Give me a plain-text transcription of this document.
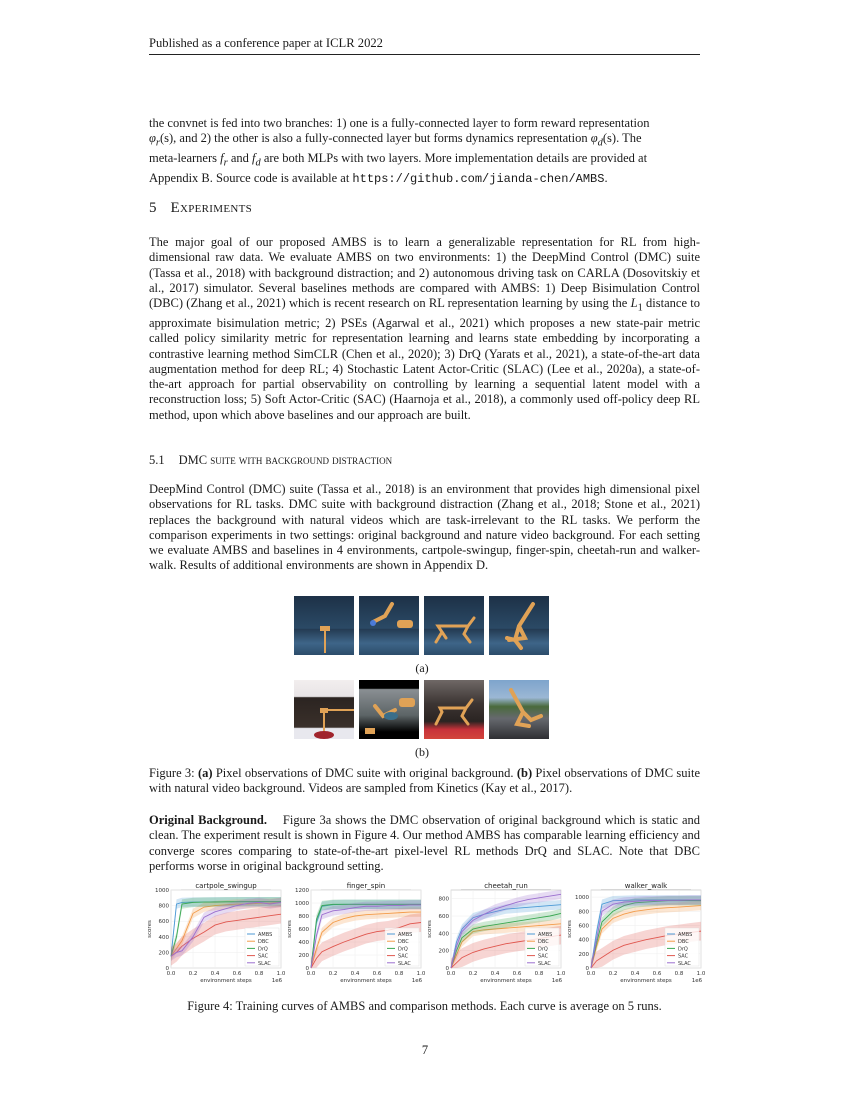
Published as a conference paper at ICLR 2022
the convnet is fed into two branches: 1) one is a fully-connected layer to form reward representation
$\varphi_r(s)$, and 2) the other is also a fully-connected layer but forms dynamics representation $\varphi_d(s)$. The
meta-learners $f_r$ and $f_d$ are both MLPs with two layers. More implementation details are provided at
Appendix B. Source code is available at https://github.com/jianda-chen/AMBS.
5 Experiments
The major goal of our proposed AMBS is to learn a generalizable representation for RL from high-dimensional raw data. We evaluate AMBS on two environments: 1) the DeepMind Control (DMC) suite (Tassa et al., 2018) with background distraction; and 2) autonomous driving task on CARLA (Dosovitskiy et al., 2017) simulator. Several baselines methods are compared with AMBS: 1) Deep Bisimulation Control (DBC) (Zhang et al., 2021) which is recent research on RL representation learning by using the $L_1$ distance to approximate bisimulation metric; 2) PSEs (Agarwal et al., 2021) which proposes a new state-pair metric called policy similarity metric for representation learning and learns state embedding by incorporating a contrastive learning method SimCLR (Chen et al., 2020); 3) DrQ (Yarats et al., 2021), a state-of-the-art data augmentation method for deep RL; 4) Stochastic Latent Actor-Critic (SLAC) (Lee et al., 2020a), a state-of-the-art approach for partial observability on controlling by learning a sequential latent model with a reconstruction loss; 5) Soft Actor-Critic (SAC) (Haarnoja et al., 2018), a commonly used off-policy deep RL method, upon which above baselines and our approach are built.
5.1 DMC suite with background distraction
DeepMind Control (DMC) suite (Tassa et al., 2018) is an environment that provides high dimensional pixel observations for RL tasks. DMC suite with background distraction (Zhang et al., 2018; Stone et al., 2021) replaces the background with natural videos which are task-irrelevant to the RL tasks. We perform the comparison experiments in two settings: original background and nature video background. For each setting we evaluate AMBS and baselines in 4 environments, cartpole-swingup, finger-spin, cheetah-run and walker-walk. Results of additional environments are shown in Appendix D.
(a)
(b)
Figure 3: (a) Pixel observations of DMC suite with original background. (b) Pixel observations of DMC suite with natural video background. Videos are sampled from Kinetics (Kay et al., 2017).
Original Background. Figure 3a shows the DMC observation of original background which is static and clean. The experiment result is shown in Figure 4. Our method AMBS has comparable learning efficiency and converge scores comparing to state-of-the-art pixel-level RL methods DrQ and SLAC. Note that DBC performs worse in original background setting.
cartpole_swingup
0
200
400
600
800
1000
0.0 0.2 0.4 0.6 0.8 1.0
environment steps	1e6
scores	AMBS
DBC
DrQ
SAC
SLAC
finger_spin
0
200
400
600
800
1000
1200
0.0 0.2 0.4 0.6 0.8 1.0
environment steps	1e6
scores	AMBS
DBC
DrQ
SAC
SLAC
cheetah_run
0
200
400
600
800
0.0 0.2 0.4 0.6 0.8 1.0
environment steps	1e6
scores	AMBS
DBC
DrQ
SAC
SLAC
walker_walk
0
200
400
600
800
1000
0.0 0.2 0.4 0.6 0.8 1.0
environment steps	1e6
scores	AMBS
DBC
DrQ
SAC
SLAC
Figure 4: Training curves of AMBS and comparison methods. Each curve is average on 5 runs.
7
